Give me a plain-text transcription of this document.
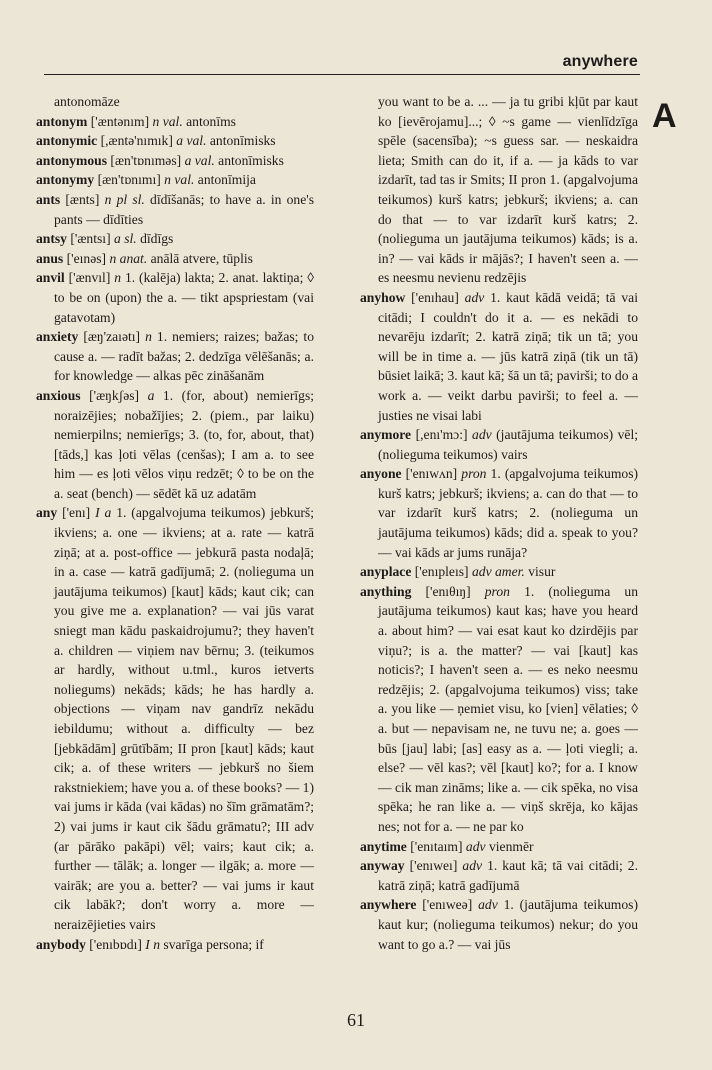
anywhere

antonomāze

antonym ['æntənım] n val. antonīms

antonymic [,æntə'nımık] a val. antonīmisks

antonymous [æn'tɒnıməs] a val. antonīmisks

antonymy [æn'tɒnımı] n val. antonīmija

ants [ænts] n pl sl. dīdīšanās; to have a. in one's pants — dīdīties

antsy ['æntsı] a sl. dīdīgs

anus ['eınəs] n anat. anālā atvere, tūplis

anvil ['ænvıl] n 1. (kalēja) lakta; 2. anat. laktiņa; ◊ to be on (upon) the a. — tikt apspriestam (vai gatavotam)

anxiety [æŋ'zaıətı] n 1. nemiers; raizes; bažas; to cause a. — radīt bažas; 2. dedzīga vēlēšanās; a. for knowledge — alkas pēc zināšanām

anxious ['æŋkʃəs] a 1. (for, about) nemierīgs; noraizējies; nobažījies; 2. (piem., par laiku) nemierpilns; nemierīgs; 3. (to, for, about, that) [tāds,] kas ļoti vēlas (cenšas); I am a. to see him — es ļoti vēlos viņu redzēt; ◊ to be on the a. seat (bench) — sēdēt kā uz adatām

any ['enı] I a 1. (apgalvojuma teikumos) jebkurš; ikviens; a. one — ikviens; at a. rate — katrā ziņā; at a. post-office — jebkurā pasta nodaļā; in a. case — katrā gadījumā; 2. (nolieguma un jautājuma teikumos) [kaut] kāds; kaut cik; can you give me a. explanation? — vai jūs varat sniegt man kādu paskaidrojumu?; they haven't a. children — viņiem nav bērnu; 3. (teikumos ar hardly, without u.tml., kuros ietverts noliegums) nekāds; kāds; he has hardly a. objections — viņam nav gandrīz nekādu iebildumu; without a. difficulty — bez [jebkādām] grūtībām; II pron [kaut] kāds; kaut cik; a. of these writers — jebkurš no šiem rakstniekiem; have you a. of these books? — 1) vai jums ir kāda (vai kādas) no šīm grāmatām?; 2) vai jums ir kaut cik šādu grāmatu?; III adv (ar pārāko pakāpi) vēl; vairs; kaut cik; a. further — tālāk; a. longer — ilgāk; a. more — vairāk; are you a. better? — vai jums ir kaut cik labāk?; don't worry a. more — neraizējieties vairs

anybody ['enıbɒdı] I n svarīga persona; if

you want to be a. ... — ja tu gribi kļūt par kaut ko [ievērojamu]...; ◊ ~s game — vienlīdzīga spēle (sacensība); ~s guess sar. — neskaidra lieta; Smith can do it, if a. — ja kāds to var izdarīt, tad tas ir Smits; II pron 1. (apgalvojuma teikumos) kurš katrs; jebkurš; ikviens; a. can do that — to var izdarīt kurš katrs; 2. (nolieguma un jautājuma teikumos) kāds; is a. in? — vai kāds ir mājās?; I haven't seen a. — es neesmu nevienu redzējis

anyhow ['enıhau] adv 1. kaut kādā veidā; tā vai citādi; I couldn't do it a. — es nekādi to nevarēju izdarīt; 2. katrā ziņā; tik un tā; you will be in time a. — jūs katrā ziņā (tik un tā) būsiet laikā; 3. kaut kā; šā un tā; pavirši; to do a work a. — veikt darbu pavirši; to feel a. — justies ne visai labi

anymore [,enı'mɔ:] adv (jautājuma teikumos) vēl; (nolieguma teikumos) vairs

anyone ['enıwʌn] pron 1. (apgalvojuma teikumos) kurš katrs; jebkurš; ikviens; a. can do that — to var izdarīt kurš katrs; 2. (nolieguma un jautājuma teikumos) kāds; did a. speak to you? — vai kāds ar jums runāja?

anyplace ['enıpleıs] adv amer. visur

anything ['enıθıŋ] pron 1. (nolieguma un jautājuma teikumos) kaut kas; have you heard a. about him? — vai esat kaut ko dzirdējis par viņu?; is a. the matter? — vai [kaut] kas noticis?; I haven't seen a. — es neko neesmu redzējis; 2. (apgalvojuma teikumos) viss; take a. you like — ņemiet visu, ko [vien] vēlaties; ◊ a. but — nepavisam ne, ne tuvu ne; a. goes — būs [jau] labi; [as] easy as a. — ļoti viegli; a. else? — vēl kas?; vēl [kaut] ko?; for a. I know — cik man zināms; like a. — cik spēka, no visa spēka; he ran like a. — viņš skrēja, ko kājas nes; not for a. — ne par ko

anytime ['enıtaım] adv vienmēr

anyway ['enıweı] adv 1. kaut kā; tā vai citādi; 2. katrā ziņā; katrā gadījumā

anywhere ['enıweə] adv 1. (jautājuma teikumos) kaut kur; (nolieguma teikumos) nekur; do you want to go a.? — vai jūs

A
61
